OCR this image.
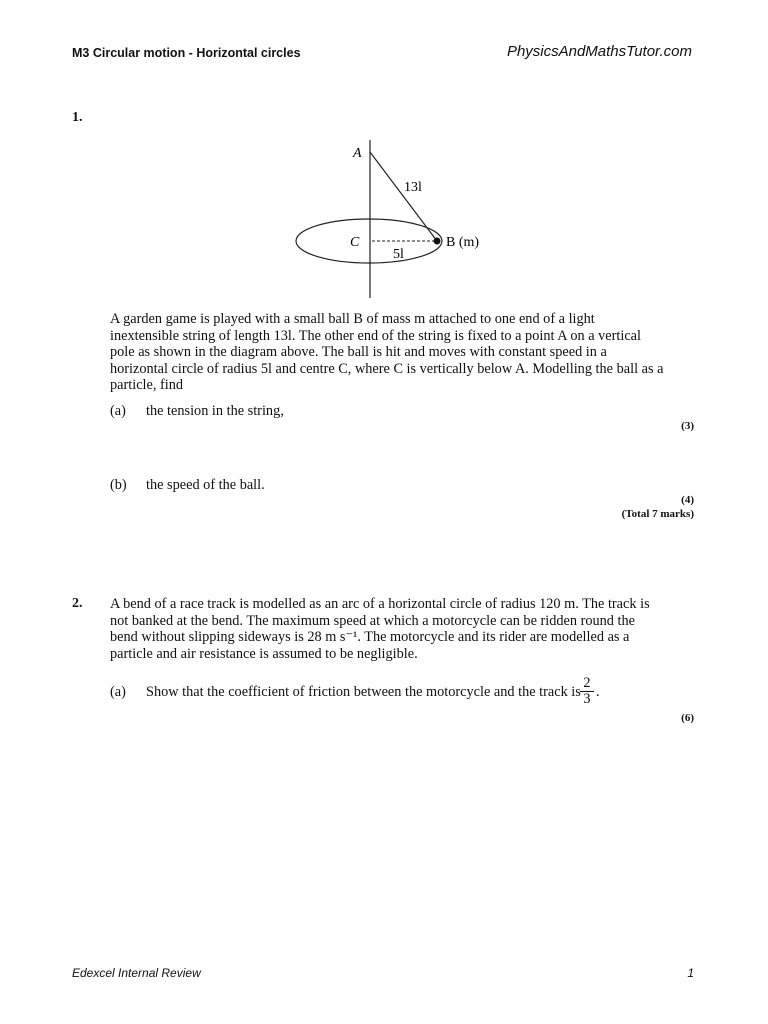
M3 Circular motion - Horizontal circles	PhysicsAndMathsTutor.com
1.
A
13l
C	B (m)
5l
A garden game is played with a small ball B of mass m attached to one end of a light
inextensible string of length 13l. The other end of the string is fixed to a point A on a vertical
pole as shown in the diagram above. The ball is hit and moves with constant speed in a
horizontal circle of radius 5l and centre C, where C is vertically below A. Modelling the ball as a
particle, find
(a) the tension in the string,
(3)
(b) the speed of the ball.
(4)
(Total 7 marks)
2. A bend of a race track is modelled as an arc of a horizontal circle of radius 120 m. The track is
not banked at the bend. The maximum speed at which a motorcycle can be ridden round the
bend without slipping sideways is 28 m s⁻¹. The motorcycle and its rider are modelled as a
particle and air resistance is assumed to be negligible.
(a) Show that the coefficient of friction between the motorcycle and the track is $\frac{2}{3}$ .
(6)
Edexcel Internal Review	1
